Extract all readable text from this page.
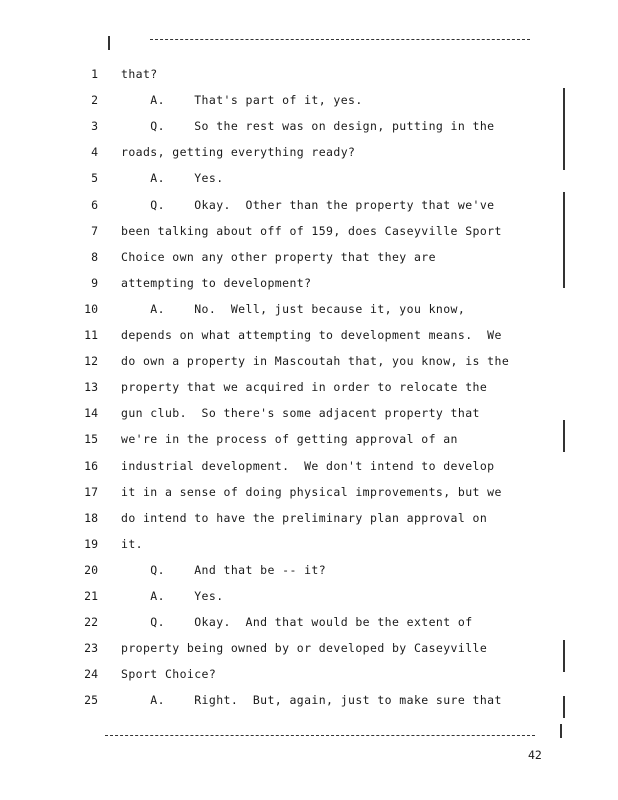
1 that?
2 A.    That's part of it, yes.
3 Q.    So the rest was on design, putting in the
4 roads, getting everything ready?
5 A.    Yes.
6 Q.    Okay.  Other than the property that we've
7 been talking about off of 159, does Caseyville Sport
8 Choice own any other property that they are
9 attempting to development?
10 A.    No.  Well, just because it, you know,
11 depends on what attempting to development means.  We
12 do own a property in Mascoutah that, you know, is the
13 property that we acquired in order to relocate the
14 gun club.  So there's some adjacent property that
15 we're in the process of getting approval of an
16 industrial development.  We don't intend to develop
17 it in a sense of doing physical improvements, but we
18 do intend to have the preliminary plan approval on
19 it.
20 Q.    And that be -- it?
21 A.    Yes.
22 Q.    Okay.  And that would be the extent of
23 property being owned by or developed by Caseyville
24 Sport Choice?
25 A.    Right.  But, again, just to make sure that
42
